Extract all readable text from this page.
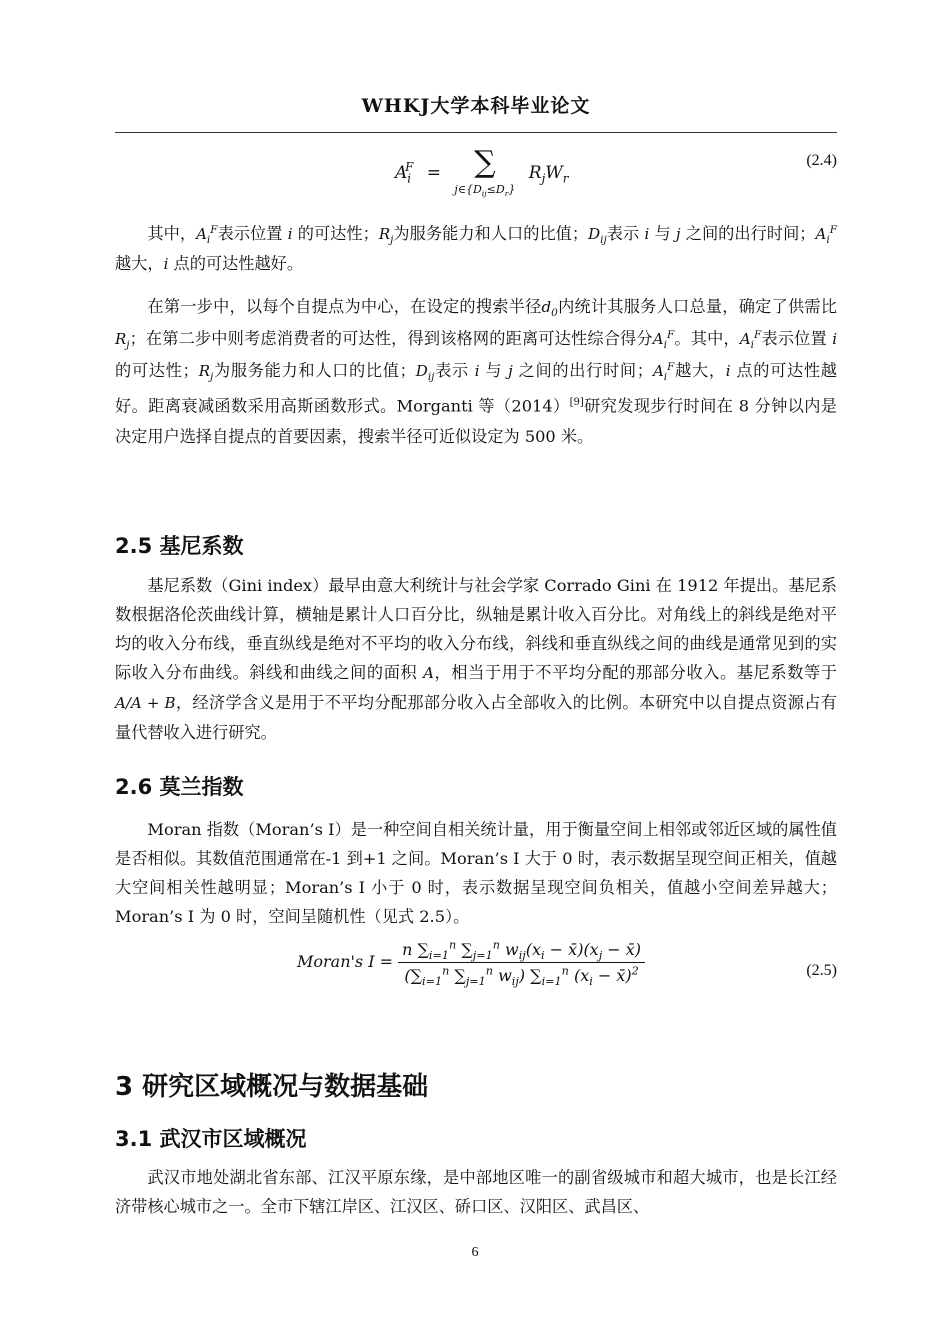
WHKJ大学本科毕业论文
$A_i^F$ = ∑
$j\in\{D_{ij}\le D_r\}$ $R_jW_r$
(2.4)

其中，$A_i^F$表示位置 i 的可达性；$R_j$为服务能力和人口的比值；$D_{ij}$表示 i 与 j 之间的出行时间；$A_i^F$越大，i 点的可达性越好。

在第一步中，以每个自提点为中心，在设定的搜索半径$d_0$内统计其服务人口总量，确定了供需比$R_j$；在第二步中则考虑消费者的可达性，得到该格网的距离可达性综合得分$A_i^F$。其中，$A_i^F$表示位置 i 的可达性；$R_j$为服务能力和人口的比值；$D_{ij}$表示 i 与 j 之间的出行时间；$A_i^F$越大，i 点的可达性越好。距离衰减函数采用高斯函数形式。Morganti 等（2014）[9]研究发现步行时间在 8 分钟以内是决定用户选择自提点的首要因素，搜索半径可近似设定为 500 米。

2.5 基尼系数

基尼系数（Gini index）最早由意大利统计与社会学家 Corrado Gini 在 1912 年提出。基尼系数根据洛伦茨曲线计算，横轴是累计人口百分比，纵轴是累计收入百分比。对角线上的斜线是绝对平均的收入分布线，垂直纵线是绝对不平均的收入分布线，斜线和垂直纵线之间的曲线是通常见到的实际收入分布曲线。斜线和曲线之间的面积 A，相当于用于不平均分配的那部分收入。基尼系数等于A/A + B，经济学含义是用于不平均分配那部分收入占全部收入的比例。本研究中以自提点资源占有量代替收入进行研究。

2.6 莫兰指数

Moran 指数（Moran’s I）是一种空间自相关统计量，用于衡量空间上相邻或邻近区域的属性值是否相似。其数值范围通常在-1 到+1 之间。Moran’s I 大于 0 时，表示数据呈现空间正相关，值越大空间相关性越明显；Moran’s I 小于 0 时，表示数据呈现空间负相关，值越小空间差异越大；Moran’s I 为 0 时，空间呈随机性（见式 2.5）。

Moran's $I = \frac{n \sum_{i=1}^n \sum_{j=1}^n w_{ij}(x_i - x̄)(x_j - x̄)}{(\sum_{i=1}^n \sum_{j=1}^n w_{ij}) \sum_{i=1}^n (x_i - x̄)^2}$	(2.5)
3 研究区域概况与数据基础
3.1 武汉市区域概况

武汉市地处湖北省东部、江汉平原东缘，是中部地区唯一的副省级城市和超大城市，也是长江经济带核心城市之一。全市下辖江岸区、江汉区、硚口区、汉阳区、武昌区、

6
